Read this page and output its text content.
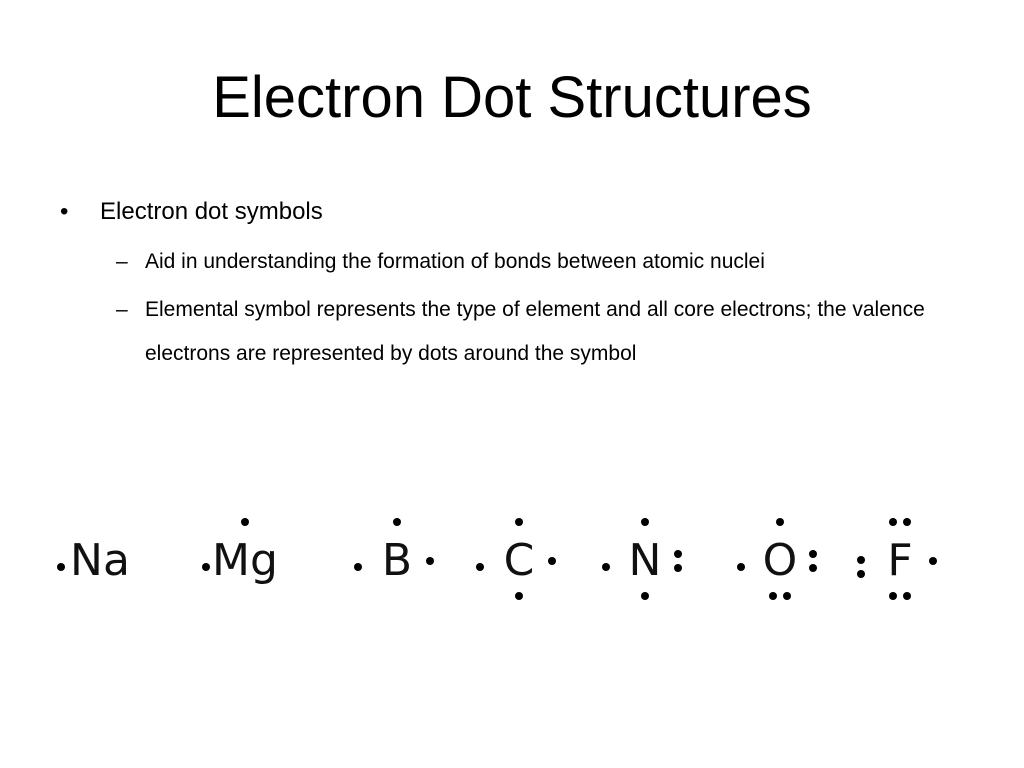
Electron Dot Structures
• Electron dot symbols
– Aid in understanding the formation of bonds between atomic nuclei
– Elemental symbol represents the type of element and all core electrons; the valence electrons are represented by dots around the symbol
Na	Mg	B	C	N	O	F
